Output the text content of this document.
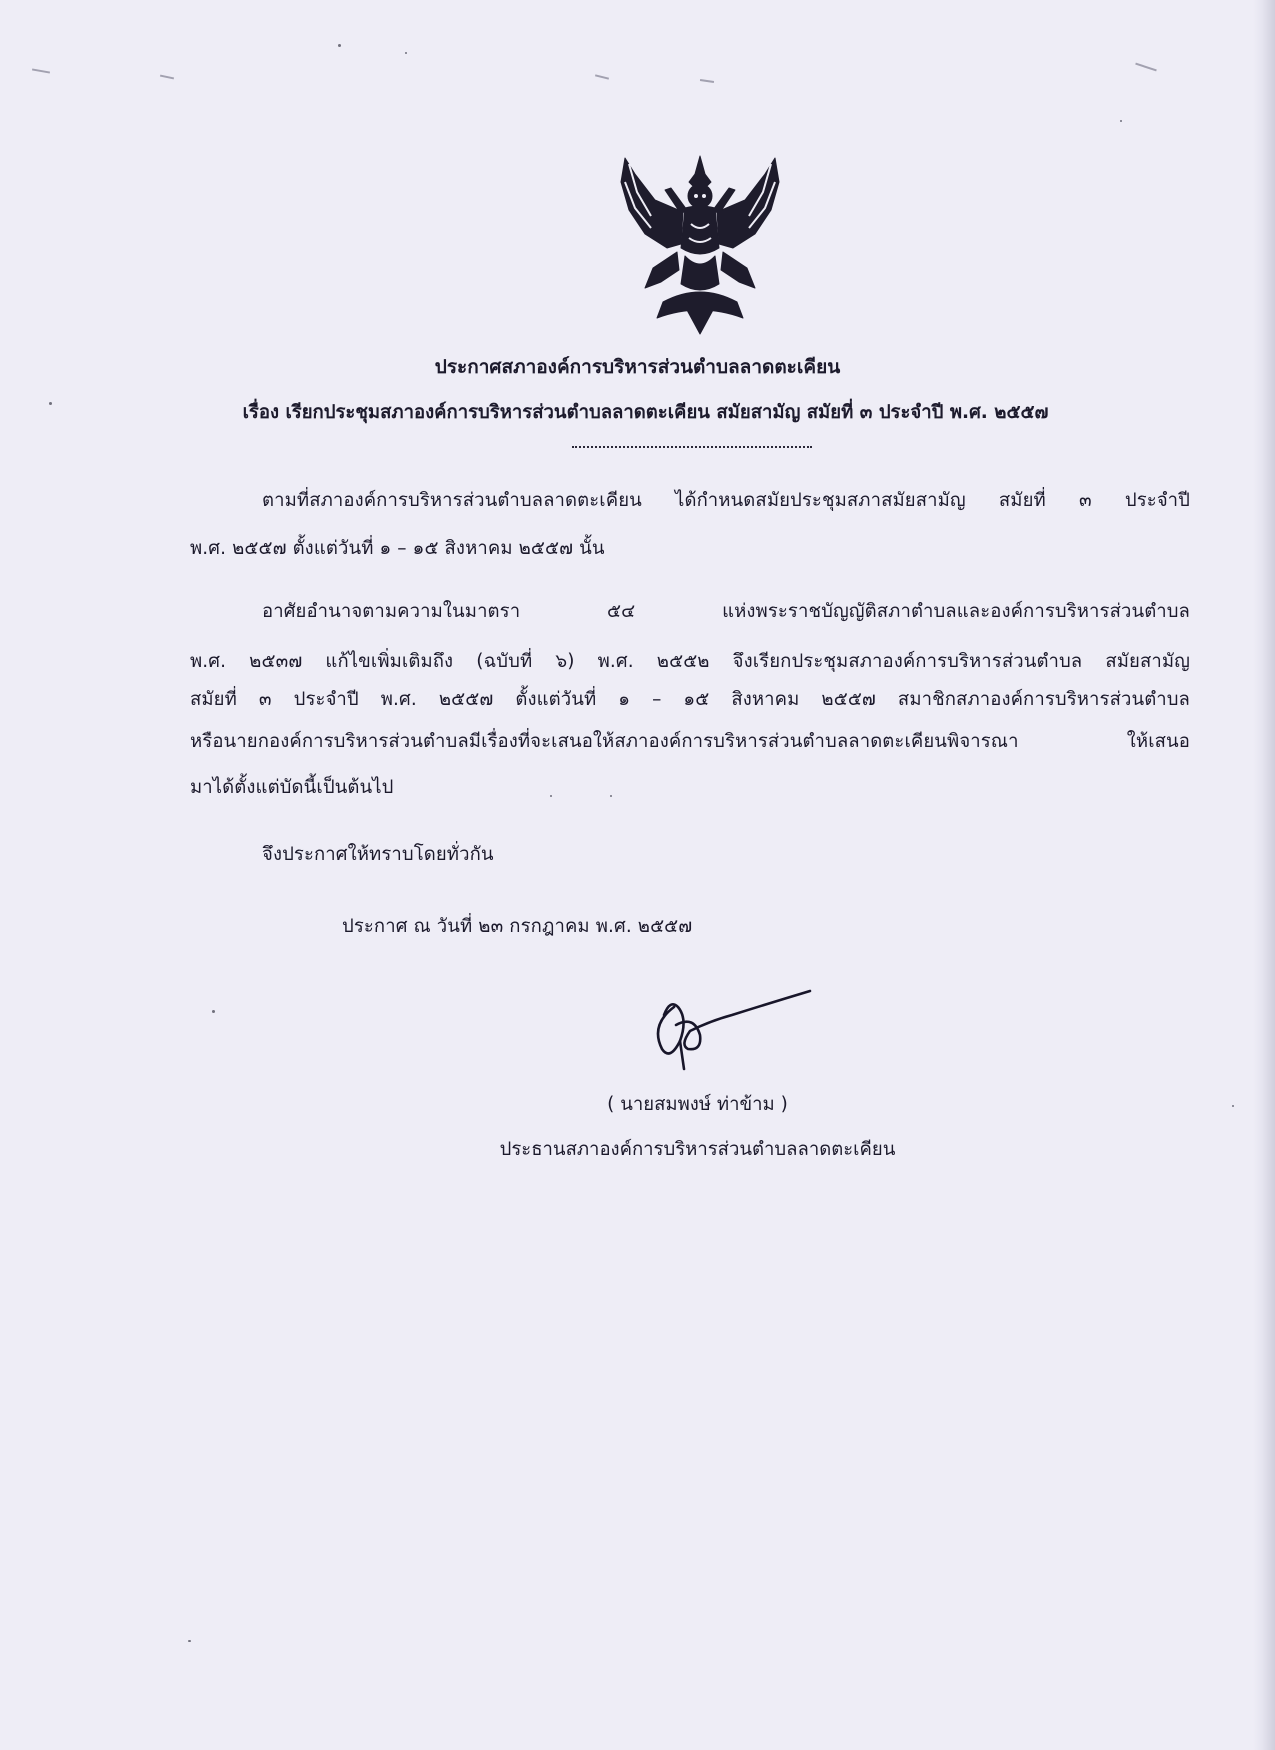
ประกาศสภาองค์การบริหารส่วนตำบลลาดตะเคียน
เรื่อง เรียกประชุมสภาองค์การบริหารส่วนตำบลลาดตะเคียน สมัยสามัญ สมัยที่ ๓ ประจำปี พ.ศ. ๒๕๕๗
ตามที่สภาองค์การบริหารส่วนตำบลลาดตะเคียน ได้กำหนดสมัยประชุมสภาสมัยสามัญ สมัยที่ ๓ ประจำปี
พ.ศ. ๒๕๕๗ ตั้งแต่วันที่ ๑ – ๑๕ สิงหาคม ๒๕๕๗ นั้น
อาศัยอำนาจตามความในมาตรา ๕๔ แห่งพระราชบัญญัติสภาตำบลและองค์การบริหารส่วนตำบล
พ.ศ. ๒๕๓๗ แก้ไขเพิ่มเติมถึง (ฉบับที่ ๖) พ.ศ. ๒๕๕๒ จึงเรียกประชุมสภาองค์การบริหารส่วนตำบล สมัยสามัญ
สมัยที่ ๓ ประจำปี พ.ศ. ๒๕๕๗ ตั้งแต่วันที่ ๑ – ๑๕ สิงหาคม ๒๕๕๗ สมาชิกสภาองค์การบริหารส่วนตำบล
หรือนายกองค์การบริหารส่วนตำบลมีเรื่องที่จะเสนอให้สภาองค์การบริหารส่วนตำบลลาดตะเคียนพิจารณา ให้เสนอ
มาได้ตั้งแต่บัดนี้เป็นต้นไป
จึงประกาศให้ทราบโดยทั่วกัน
ประกาศ ณ วันที่ ๒๓ กรกฎาคม พ.ศ. ๒๕๕๗
( นายสมพงษ์ ท่าข้าม )
ประธานสภาองค์การบริหารส่วนตำบลลาดตะเคียน
